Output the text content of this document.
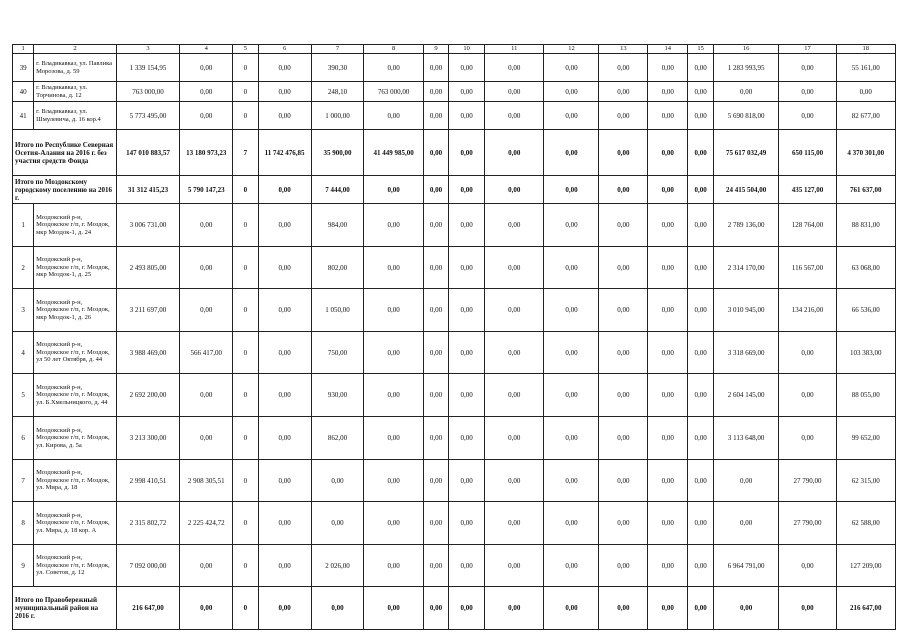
1	2	3	4	5	6	7	8	9	10	11	12	13	14	15	16	17	18
39	г. Владикавказ, ул. Павлика Морозова, д. 59	1 339 154,95	0,00	0	0,00	390,30	0,00	0,00	0,00	0,00	0,00	0,00	0,00	0,00	1 283 993,95	0,00	55 161,00
40	г. Владикавказ, ул. Торчинова, д. 12	763 000,00	0,00	0	0,00	248,10	763 000,00	0,00	0,00	0,00	0,00	0,00	0,00	0,00	0,00	0,00	0,00
41	г. Владикавказ, ул. Шмулевича, д. 16 кор.4	5 773 495,00	0,00	0	0,00	1 000,00	0,00	0,00	0,00	0,00	0,00	0,00	0,00	0,00	5 690 818,00	0,00	82 677,00
Итого по Республике Северная Осетия-Алания на 2016 г. без участия средств Фонда		147 010 883,57	13 180 973,23	7	11 742 476,85	35 900,00	41 449 985,00	0,00	0,00	0,00	0,00	0,00	0,00	0,00	75 617 032,49	650 115,00	4 370 301,00
Итого по Моздокскому городскому поселению на 2016 г.		31 312 415,23	5 790 147,23	0	0,00	7 444,00	0,00	0,00	0,00	0,00	0,00	0,00	0,00	0,00	24 415 504,00	435 127,00	761 637,00
1	Моздокский р-н, Моздокское г/п, г. Моздок, мкр Моздок-1, д. 24	3 006 731,00	0,00	0	0,00	984,00	0,00	0,00	0,00	0,00	0,00	0,00	0,00	0,00	2 789 136,00	128 764,00	88 831,00
2	Моздокский р-н, Моздокское г/п, г. Моздок, мкр Моздок-1, д. 25	2 493 805,00	0,00	0	0,00	802,00	0,00	0,00	0,00	0,00	0,00	0,00	0,00	0,00	2 314 170,00	116 567,00	63 068,00
3	Моздокский р-н, Моздокское г/п, г. Моздок, мкр Моздок-1, д. 26	3 211 697,00	0,00	0	0,00	1 050,00	0,00	0,00	0,00	0,00	0,00	0,00	0,00	0,00	3 010 945,00	134 216,00	66 536,00
4	Моздокский р-н, Моздокское г/п, г. Моздок, ул 50 лет Октября, д. 44	3 988 469,00	566 417,00	0	0,00	750,00	0,00	0,00	0,00	0,00	0,00	0,00	0,00	0,00	3 318 669,00	0,00	103 383,00
5	Моздокский р-н, Моздокское г/п, г. Моздок, ул. Б.Хмельницкого, д. 44	2 692 200,00	0,00	0	0,00	930,00	0,00	0,00	0,00	0,00	0,00	0,00	0,00	0,00	2 604 145,00	0,00	88 055,00
6	Моздокский р-н, Моздокское г/п, г. Моздок, ул. Кирова, д. 5а	3 213 300,00	0,00	0	0,00	862,00	0,00	0,00	0,00	0,00	0,00	0,00	0,00	0,00	3 113 648,00	0,00	99 652,00
7	Моздокский р-н, Моздокское г/п, г. Моздок, ул. Мира, д. 18	2 998 410,51	2 908 305,51	0	0,00	0,00	0,00	0,00	0,00	0,00	0,00	0,00	0,00	0,00	0,00	27 790,00	62 315,00
8	Моздокский р-н, Моздокское г/п, г. Моздок, ул. Мира, д. 18 кор. А	2 315 802,72	2 225 424,72	0	0,00	0,00	0,00	0,00	0,00	0,00	0,00	0,00	0,00	0,00	0,00	27 790,00	62 588,00
9	Моздокский р-н, Моздокское г/п, г. Моздок, ул. Советов, д. 12	7 092 000,00	0,00	0	0,00	2 026,00	0,00	0,00	0,00	0,00	0,00	0,00	0,00	0,00	6 964 791,00	0,00	127 209,00
Итого по Правобережный муниципальный район на 2016 г.		216 647,00	0,00	0	0,00	0,00	0,00	0,00	0,00	0,00	0,00	0,00	0,00	0,00	0,00	0,00	216 647,00
